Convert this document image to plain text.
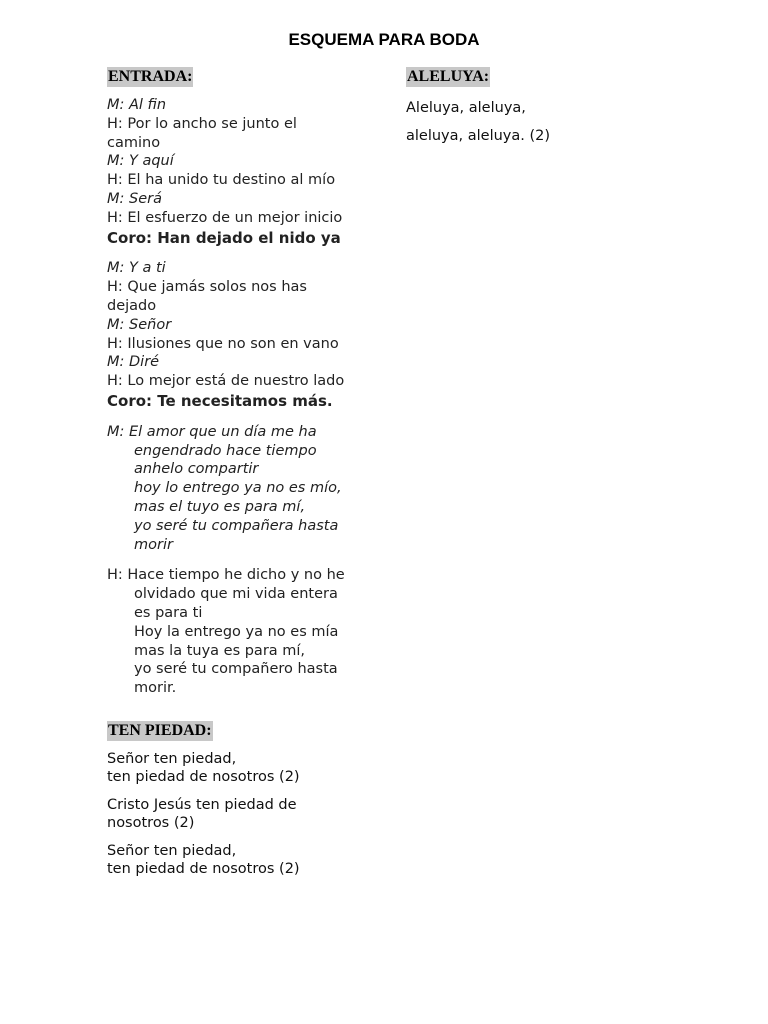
ESQUEMA PARA BODA
ENTRADA:
M: Al fin
H: Por lo ancho se junto el
camino
M: Y aquí
H: El ha unido tu destino al mío
M: Será
H: El esfuerzo de un mejor inicio
Coro: Han dejado el nido ya
M: Y a ti
H: Que jamás solos nos has
dejado
M: Señor
H: Ilusiones que no son en vano
M: Diré
H: Lo mejor está de nuestro lado
Coro: Te necesitamos más.
M: El amor que un día me ha
engendrado hace tiempo
anhelo compartir
hoy lo entrego ya no es mío,
mas el tuyo es para mí,
yo seré tu compañera hasta
morir
H: Hace tiempo he dicho y no he
olvidado que mi vida entera
es para ti
Hoy la entrego ya no es mía
mas la tuya es para mí,
yo seré tu compañero hasta
morir.
TEN PIEDAD:
Señor ten piedad,
ten piedad de nosotros (2)
Cristo Jesús ten piedad de
nosotros (2)
Señor ten piedad,
ten piedad de nosotros (2)
ALELUYA:
Aleluya, aleluya,
aleluya, aleluya. (2)
